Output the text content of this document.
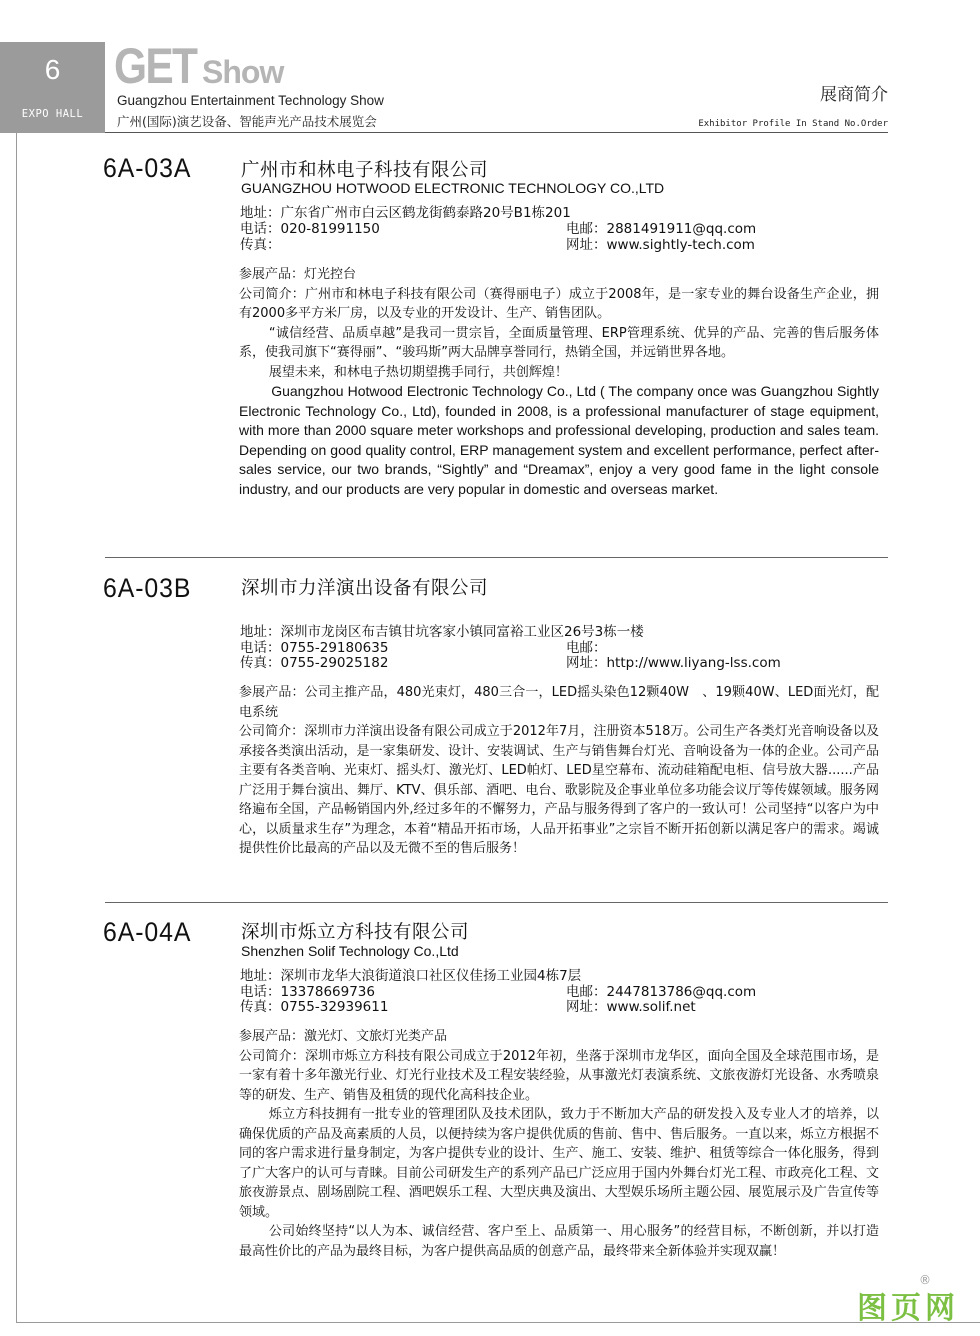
6
EXPO HALL
GET Show
Guangzhou Entertainment Technology Show
广州(国际)演艺设备、智能声光产品技术展览会
展商简介
Exhibitor Profile In Stand No.Order
6A-03A	广州市和林电子科技有限公司
GUANGZHOU HOTWOOD ELECTRONIC TECHNOLOGY CO.,LTD
地址：广东省广州市白云区鹤龙街鹤泰路20号B1栋201
电话：020-81991150
传真：
电邮：2881491911@qq.com
网址：www.sightly-tech.com

参展产品：灯光控台

公司简介：广州市和林电子科技有限公司（赛得丽电子）成立于2008年，是一家专业的舞台设备生产企业，拥有2000多平方米厂房，以及专业的开发设计、生产、销售团队。

“诚信经营、品质卓越”是我司一贯宗旨，全面质量管理、ERP管理系统、优异的产品、完善的售后服务体系，使我司旗下“赛得丽”、“骏玛斯”两大品牌享誉同行，热销全国，并远销世界各地。

展望未来，和林电子热切期望携手同行，共创辉煌！

Guangzhou Hotwood Electronic Technology Co., Ltd ( The company once was Guangzhou Sightly Electronic Technology Co., Ltd), founded in 2008, is a professional manufacturer of stage equipment, with more than 2000 square meter workshops and professional developing, production and sales team. Depending on good quality control, ERP management system and excellent performance, perfect after-sales service, our two brands, “Sightly” and “Dreamax”, enjoy a very good fame in the light console industry, and our products are very popular in domestic and overseas market.

6A-03B	深圳市力洋演出设备有限公司
地址：深圳市龙岗区布吉镇甘坑客家小镇同富裕工业区26号3栋一楼
电话：0755-29180635
传真：0755-29025182
电邮：
网址：http://www.liyang-lss.com

参展产品：公司主推产品，480光束灯，480三合一，LED摇头染色12颗40W　、19颗40W、LED面光灯，配电系统

公司简介：深圳市力洋演出设备有限公司成立于2012年7月，注册资本518万。公司生产各类灯光音响设备以及承接各类演出活动，是一家集研发、设计、安装调试、生产与销售舞台灯光、音响设备为一体的企业。公司产品主要有各类音响、光束灯、摇头灯、激光灯、LED帕灯、LED星空幕布、流动硅箱配电柜、信号放大器......产品广泛用于舞台演出、舞厅、KTV、俱乐部、酒吧、电台、歌影院及企事业单位多功能会议厅等传媒领域。服务网络遍布全国，产品畅销国内外,经过多年的不懈努力，产品与服务得到了客户的一致认可！公司坚持“以客户为中心，以质量求生存”为理念，本着“精品开拓市场，人品开拓事业”之宗旨不断开拓创新以满足客户的需求。竭诚提供性价比最高的产品以及无微不至的售后服务！

6A-04A	深圳市烁立方科技有限公司
Shenzhen Solif Technology Co.,Ltd
地址：深圳市龙华大浪街道浪口社区仪佳扬工业园4栋7层
电话：13378669736
传真：0755-32939611
电邮：2447813786@qq.com
网址：www.solif.net

参展产品：激光灯、文旅灯光类产品

公司简介：深圳市烁立方科技有限公司成立于2012年初，坐落于深圳市龙华区，面向全国及全球范围市场，是一家有着十多年激光行业、灯光行业技术及工程安装经验，从事激光灯表演系统、文旅夜游灯光设备、水秀喷泉等的研发、生产、销售及租赁的现代化高科技企业。

烁立方科技拥有一批专业的管理团队及技术团队，致力于不断加大产品的研发投入及专业人才的培养，以确保优质的产品及高素质的人员，以便持续为客户提供优质的售前、售中、售后服务。一直以来，烁立方根据不同的客户需求进行量身制定，为客户提供专业的设计、生产、施工、安装、维护、租赁等综合一体化服务，得到了广大客户的认可与青睐。目前公司研发生产的系列产品已广泛应用于国内外舞台灯光工程、市政亮化工程、文旅夜游景点、剧场剧院工程、酒吧娱乐工程、大型庆典及演出、大型娱乐场所主题公园、展览展示及广告宣传等领域。

公司始终坚持“以人为本、诚信经营、客户至上、品质第一、用心服务”的经营目标，不断创新，并以打造最高性价比的产品为最终目标，为客户提供高品质的创意产品，最终带来全新体验并实现双赢！

图页网
®
